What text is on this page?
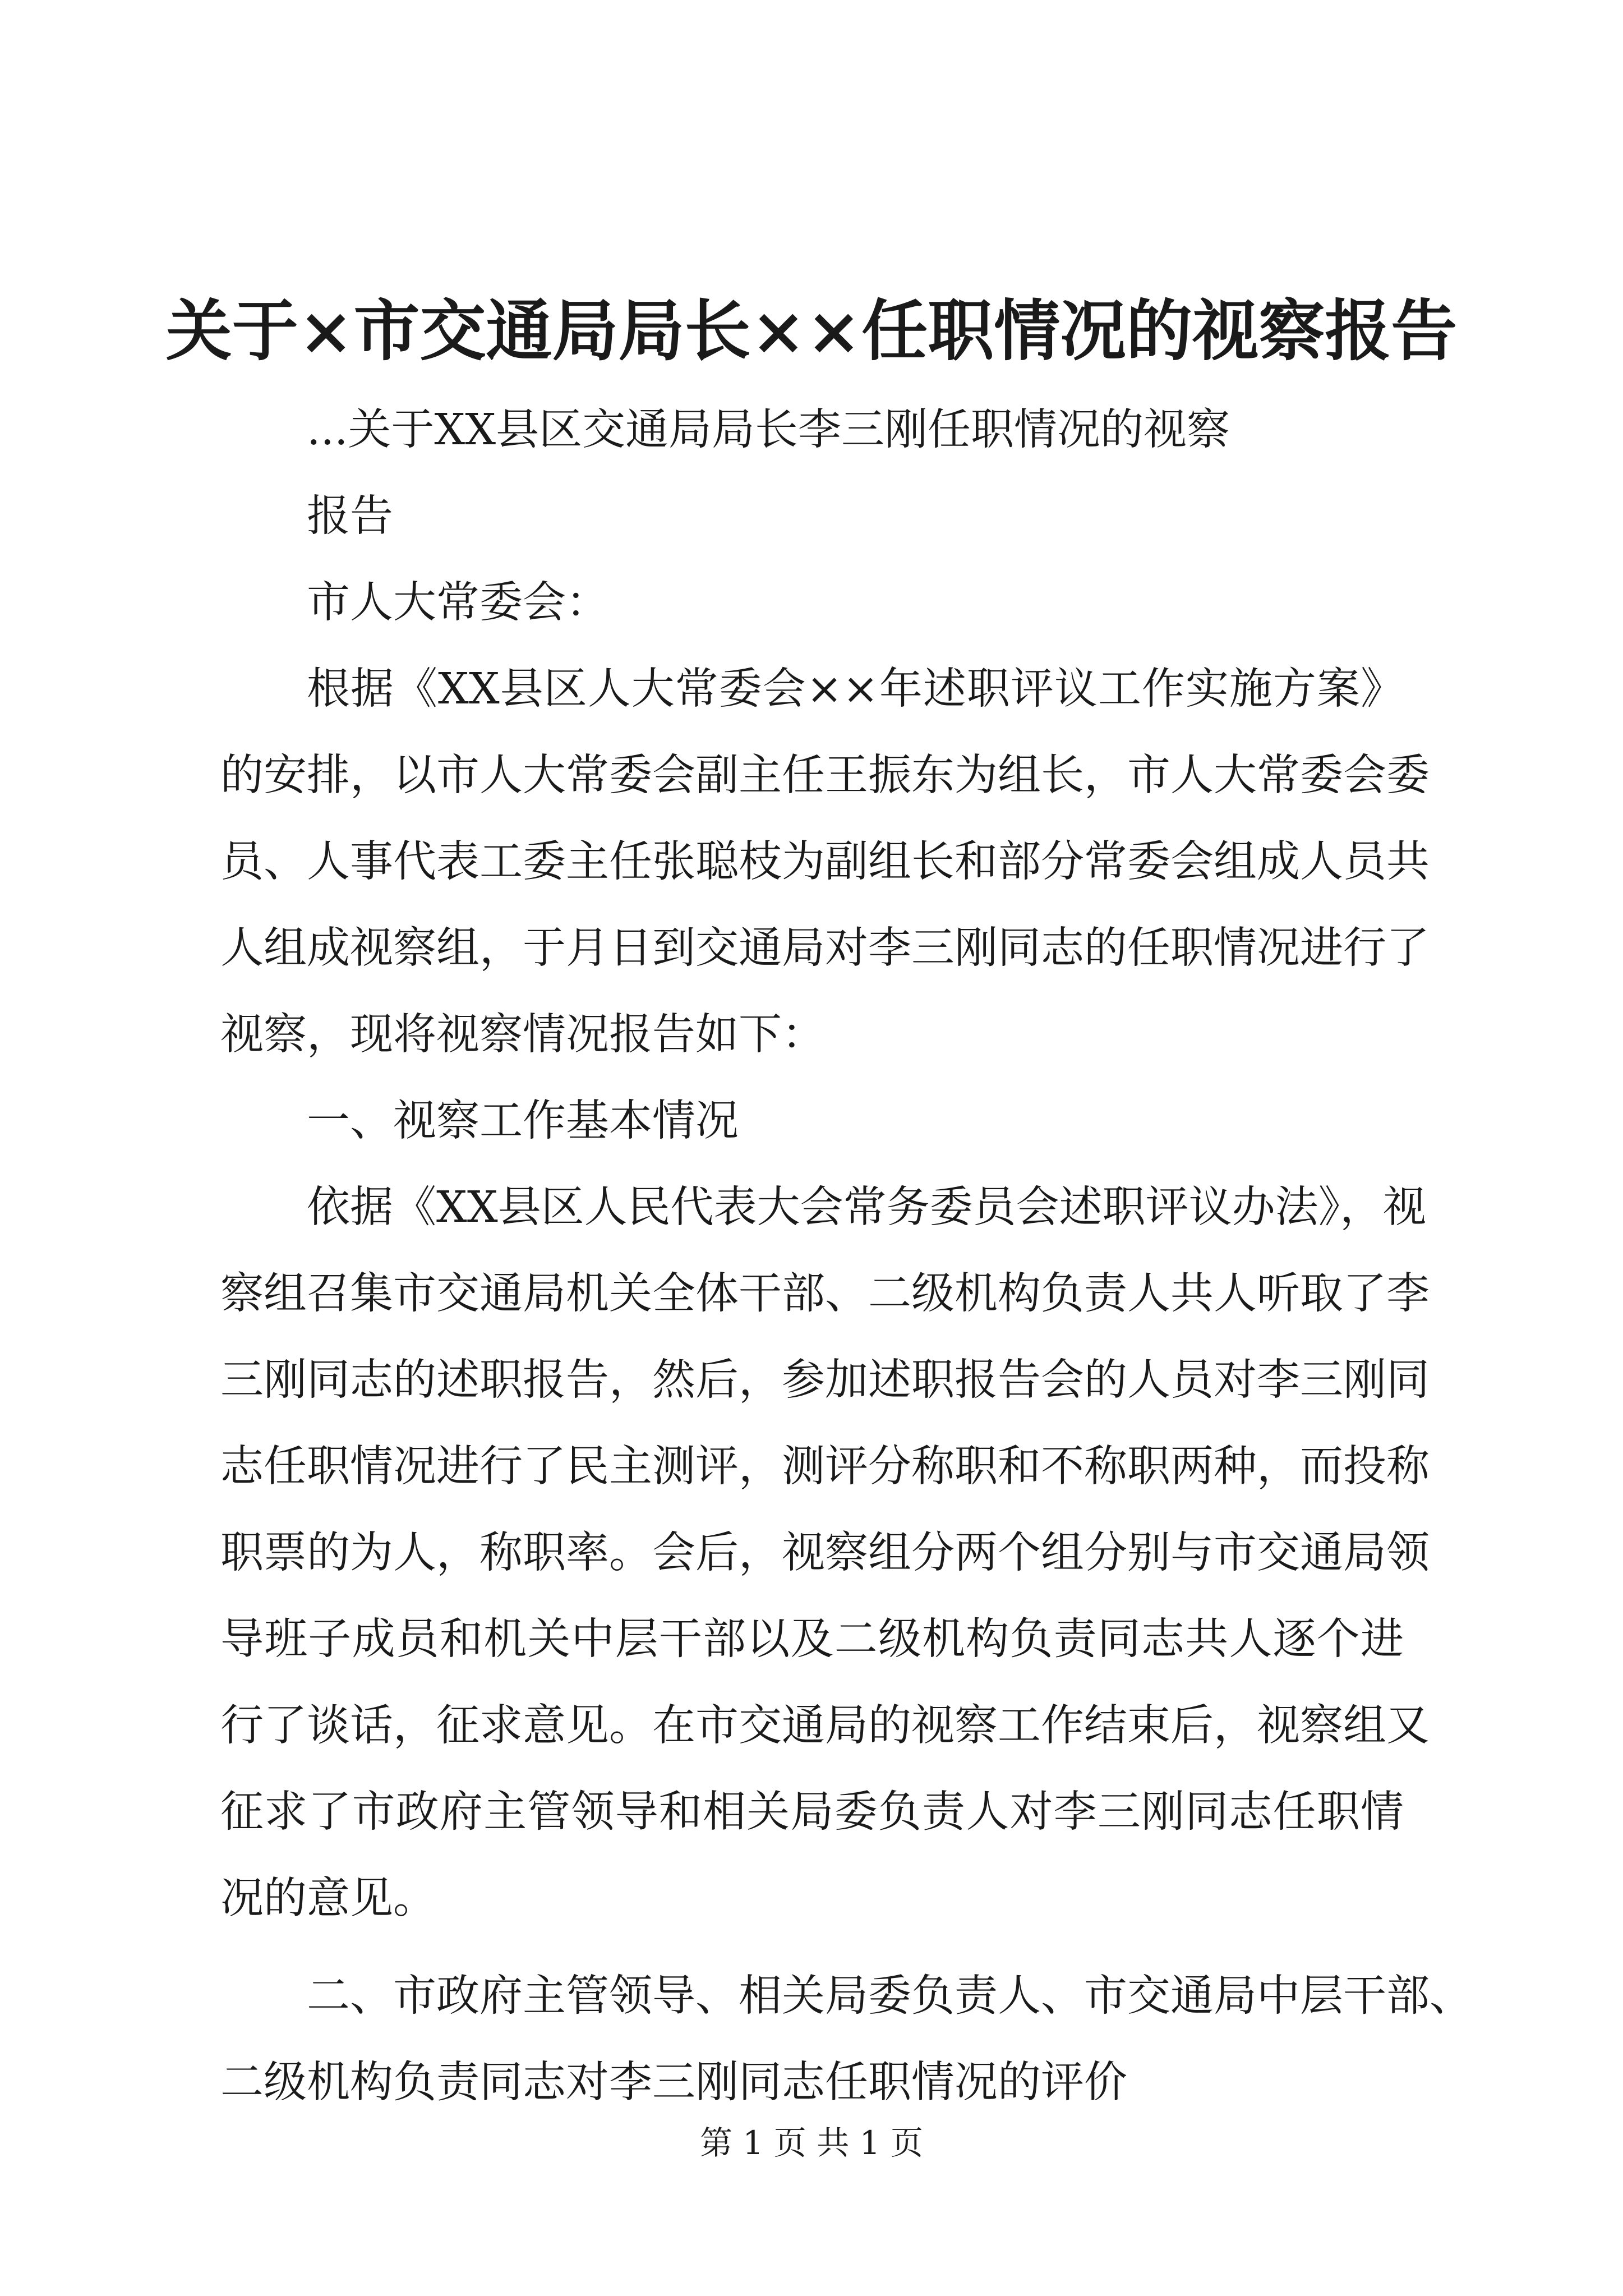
关于×市交通局局长××任职情况的视察报告
...关于XX县区交通局局长李三刚任职情况的视察
报告
市人大常委会：
根据《XX县区人大常委会××年述职评议工作实施方案》
的安排，以市人大常委会副主任王振东为组长，市人大常委会委
员、人事代表工委主任张聪枝为副组长和部分常委会组成人员共
人组成视察组，于月日到交通局对李三刚同志的任职情况进行了
视察，现将视察情况报告如下：
一、视察工作基本情况
依据《XX县区人民代表大会常务委员会述职评议办法》，视
察组召集市交通局机关全体干部、二级机构负责人共人听取了李
三刚同志的述职报告，然后，参加述职报告会的人员对李三刚同
志任职情况进行了民主测评，测评分称职和不称职两种，而投称
职票的为人，称职率。会后，视察组分两个组分别与市交通局领
导班子成员和机关中层干部以及二级机构负责同志共人逐个进
行了谈话，征求意见。在市交通局的视察工作结束后，视察组又
征求了市政府主管领导和相关局委负责人对李三刚同志任职情
况的意见。
二、市政府主管领导、相关局委负责人、市交通局中层干部、
二级机构负责同志对李三刚同志任职情况的评价
第 1 页 共 1 页
